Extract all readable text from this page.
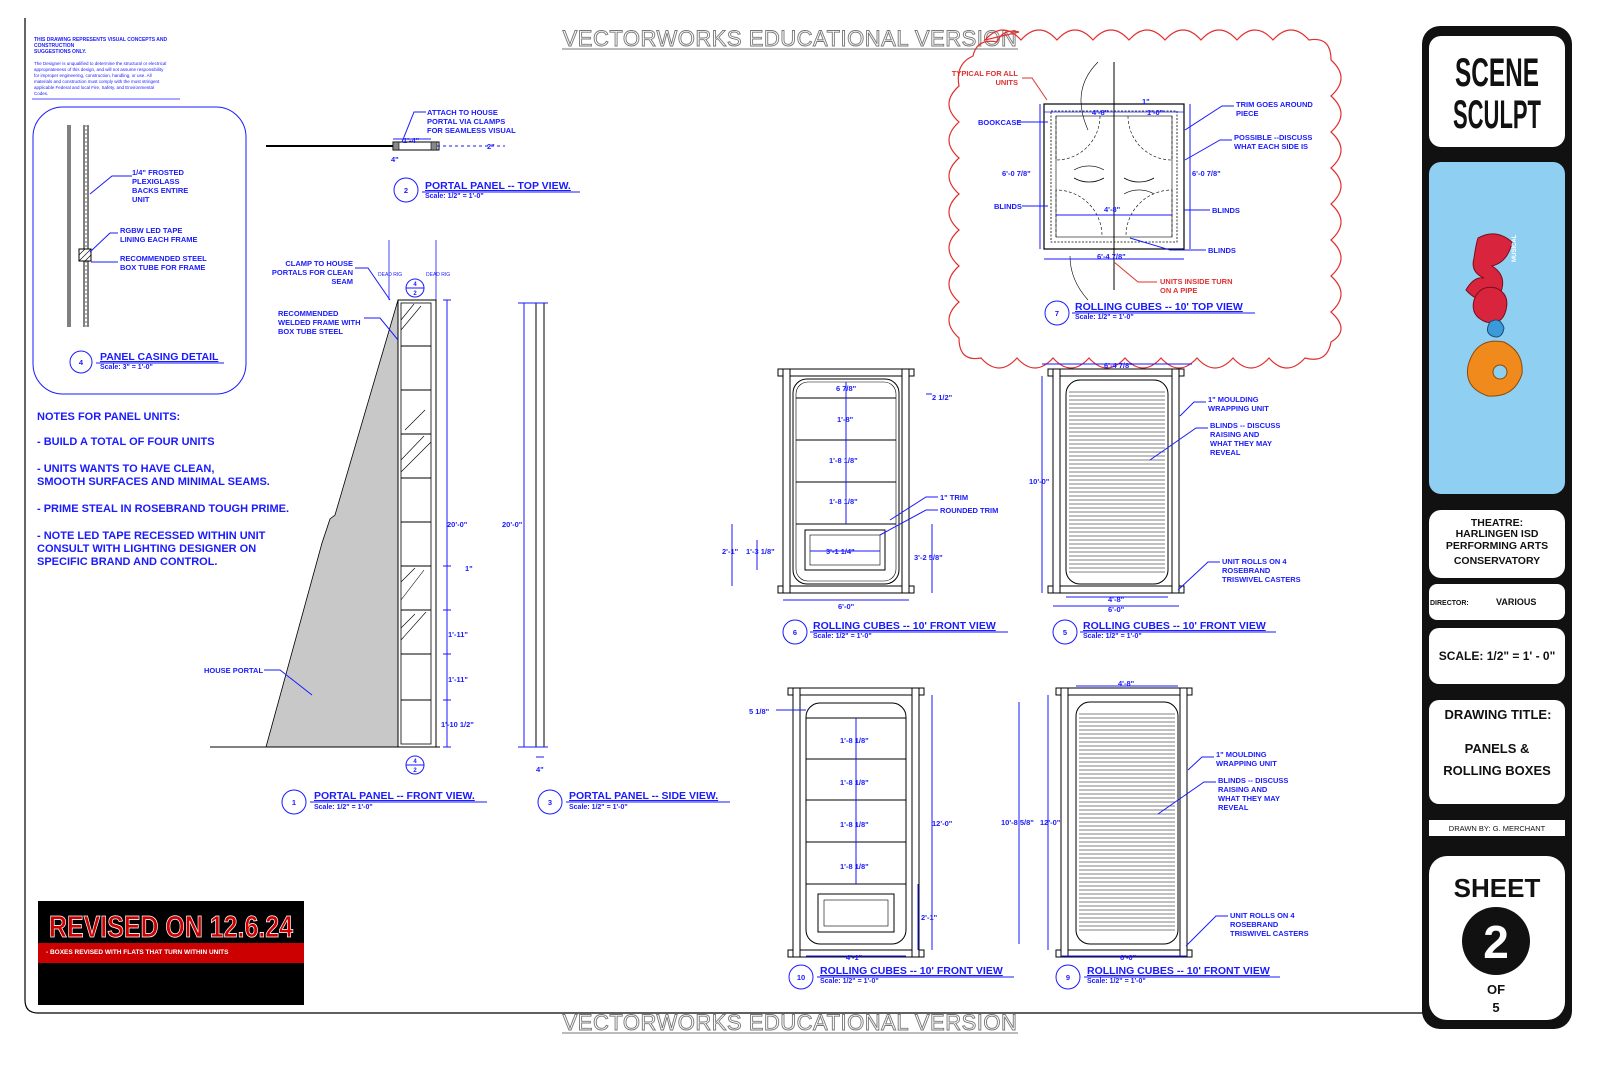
VECTORWORKS EDUCATIONAL VERSION
VECTORWORKS EDUCATIONAL VERSION
THIS DRAWING REPRESENTS VISUAL CONCEPTS AND
CONSTRUCTION
SUGGESTIONS ONLY.
The Designer is unqualified to determine the structural or electrical
appropriateness of this design, and will not assume responsibility
for improper engineering, construction, handling, or use. All
materials and construction must comply with the most stringent
applicable Federal and local Fire, Safety, and Environmental
Codes.
1/4" FROSTED
PLEXIGLASS
BACKS ENTIRE
UNIT
RGBW LED TAPE
LINING EACH FRAME
RECOMMENDED STEEL
BOX TUBE FOR FRAME
4 PANEL CASING DETAIL
Scale: 3" = 1'-0"
NOTES FOR PANEL UNITS:
- BUILD A TOTAL OF FOUR UNITS
- UNITS WANTS TO HAVE CLEAN,
SMOOTH SURFACES AND MINIMAL SEAMS.
- PRIME STEAL IN ROSEBRAND TOUGH PRIME.
- NOTE LED TAPE RECESSED WITHIN UNIT
CONSULT WITH LIGHTING DESIGNER ON
SPECIFIC BRAND AND CONTROL.
1'-4"
4"
2"
ATTACH TO HOUSE
PORTAL VIA CLAMPS
FOR SEAMLESS VISUAL
2 PORTAL PANEL -- TOP VIEW.
Scale: 1/2" = 1'-0"
DEAD RIG	DEAD RIG
20'-0"
1"
1'-11"
1'-11"
1'-10 1/2"
4
2
4
2
CLAMP TO HOUSE
PORTALS FOR CLEAN
SEAM
RECOMMENDED
WELDED FRAME WITH
BOX TUBE STEEL
HOUSE PORTAL
1
PORTAL PANEL -- FRONT VIEW.
Scale: 1/2" = 1'-0"
20'-0"
4"
3
PORTAL PANEL -- SIDE VIEW.
Scale: 1/2" = 1'-0"
4'-8"	1'-0"
6'-0 7/8"	6'-0 7/8"
4'-8"
6'-4 7/8"
1"
TYPICAL FOR ALL
UNITS
BOOKCASE
TRIM GOES AROUND
PIECE
POSSIBLE --DISCUSS
WHAT EACH SIDE IS
BLINDS	BLINDS
BLINDS
UNITS INSIDE TURN
ON A PIPE
7
ROLLING CUBES -- 10' TOP VIEW
Scale: 1/2" = 1'-0"
6 7/8"
2 1/2"
1'-8"
1'-8 1/8"
1'-8 1/8"
3'-1 1/4"
2'-1" 1'-3 1/8"
3'-2 5/8"
6'-0"
1" TRIM
ROUNDED TRIM
6
ROLLING CUBES -- 10' FRONT VIEW
Scale: 1/2" = 1'-0"
6'-4 7/8"
10'-0"
4'-8"
6'-0"
1" MOULDING
WRAPPING UNIT
BLINDS -- DISCUSS
RAISING AND
WHAT THEY MAY
REVEAL
UNIT ROLLS ON 4
ROSEBRAND
TRISWIVEL CASTERS
5
ROLLING CUBES -- 10' FRONT VIEW
Scale: 1/2" = 1'-0"
5 1/8"
1'-8 1/8"
1'-8 1/8"
1'-8 1/8"
1'-8 1/8"
12'-0"
2'-1"
4'-1"
10
ROLLING CUBES -- 10' FRONT VIEW
Scale: 1/2" = 1'-0"
4'-8"
10'-8 5/8" 12'-0"
6'-0"
1" MOULDING
WRAPPING UNIT
BLINDS -- DISCUSS
RAISING AND
WHAT THEY MAY
REVEAL
UNIT ROLLS ON 4
ROSEBRAND
TRISWIVEL CASTERS
9
ROLLING CUBES -- 10' FRONT VIEW
Scale: 1/2" = 1'-0"
REVISED ON 12.6.24
- BOXES REVISED WITH FLATS THAT TURN WITHIN UNITS
SCENE
SCULPT
MUSICAL
THEATRE:
HARLINGEN ISD
PERFORMING ARTS
CONSERVATORY
DIRECTOR:	VARIOUS
SCALE: 1/2" = 1' - 0"
DRAWING TITLE:
PANELS &
ROLLING BOXES
DRAWN BY: G. MERCHANT
SHEET
2
OF
5
